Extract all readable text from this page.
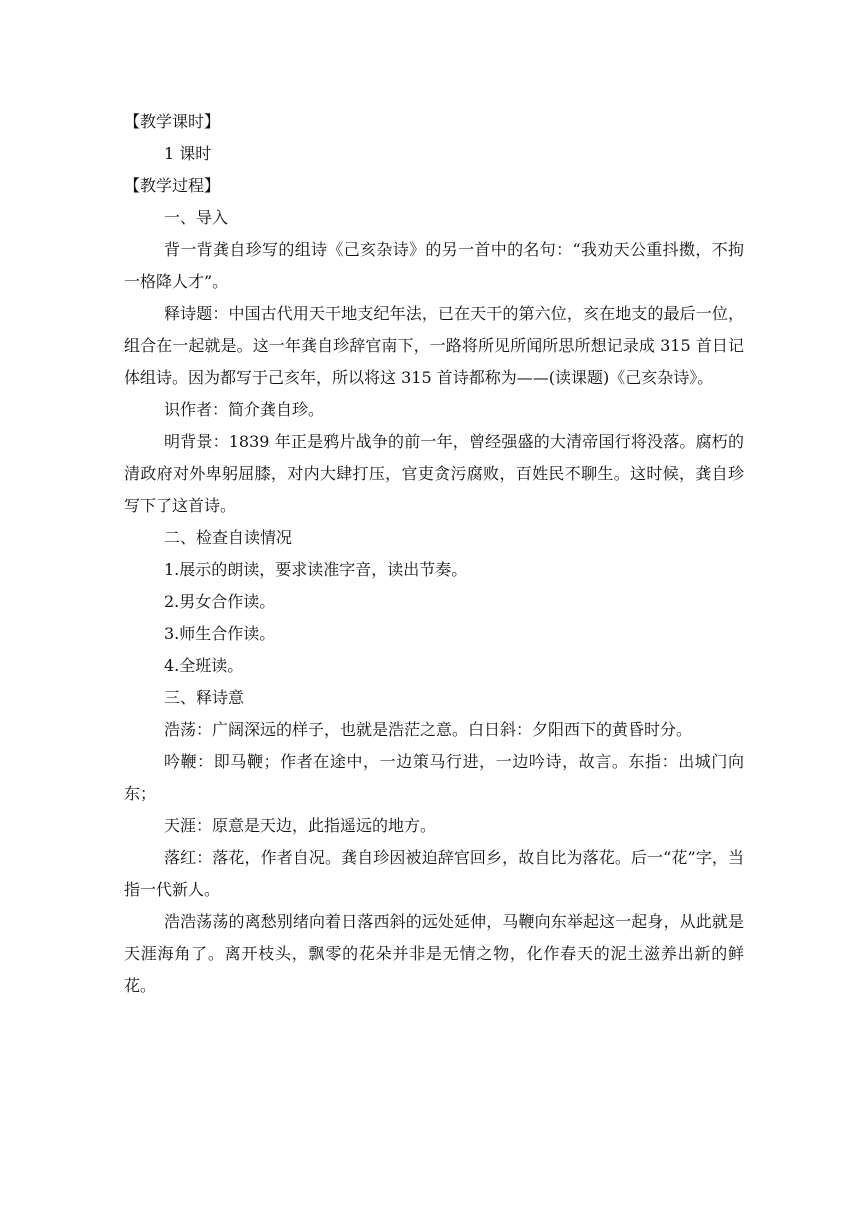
【教学课时】

1 课时

【教学过程】

一、导入

背一背龚自珍写的组诗《己亥杂诗》的另一首中的名句：“我劝天公重抖擞，不拘一格降人才”。

释诗题：中国古代用天干地支纪年法，已在天干的第六位，亥在地支的最后一位，组合在一起就是。这一年龚自珍辞官南下，一路将所见所闻所思所想记录成 315 首日记体组诗。因为都写于己亥年，所以将这 315 首诗都称为——(读课题)《己亥杂诗》。

识作者：简介龚自珍。

明背景：1839 年正是鸦片战争的前一年，曾经强盛的大清帝国行将没落。腐朽的清政府对外卑躬屈膝，对内大肆打压，官吏贪污腐败，百姓民不聊生。这时候，龚自珍写下了这首诗。

二、检查自读情况

1.展示的朗读，要求读准字音，读出节奏。

2.男女合作读。

3.师生合作读。

4.全班读。

三、释诗意

浩荡：广阔深远的样子，也就是浩茫之意。白日斜：夕阳西下的黄昏时分。

吟鞭：即马鞭；作者在途中，一边策马行进，一边吟诗，故言。东指：出城门向东；

天涯：原意是天边，此指遥远的地方。

落红：落花，作者自况。龚自珍因被迫辞官回乡，故自比为落花。后一“花”字，当指一代新人。

浩浩荡荡的离愁别绪向着日落西斜的远处延伸，马鞭向东举起这一起身，从此就是天涯海角了。离开枝头，飘零的花朵并非是无情之物，化作春天的泥土滋养出新的鲜花。
